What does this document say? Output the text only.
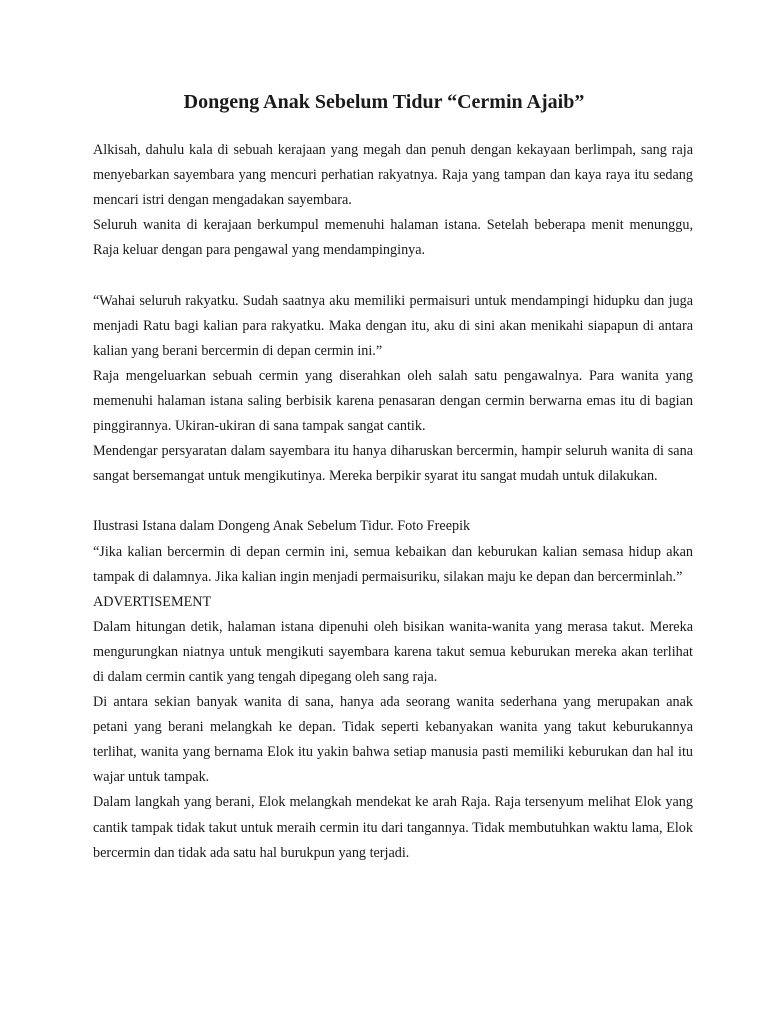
Dongeng Anak Sebelum Tidur “Cermin Ajaib”

Alkisah, dahulu kala di sebuah kerajaan yang megah dan penuh dengan kekayaan berlimpah, sang raja menyebarkan sayembara yang mencuri perhatian rakyatnya. Raja yang tampan dan kaya raya itu sedang mencari istri dengan mengadakan sayembara.

Seluruh wanita di kerajaan berkumpul memenuhi halaman istana. Setelah beberapa menit menunggu, Raja keluar dengan para pengawal yang mendampinginya.

“Wahai seluruh rakyatku. Sudah saatnya aku memiliki permaisuri untuk mendampingi hidupku dan juga menjadi Ratu bagi kalian para rakyatku. Maka dengan itu, aku di sini akan menikahi siapapun di antara kalian yang berani bercermin di depan cermin ini.”

Raja mengeluarkan sebuah cermin yang diserahkan oleh salah satu pengawalnya. Para wanita yang memenuhi halaman istana saling berbisik karena penasaran dengan cermin berwarna emas itu di bagian pinggirannya. Ukiran-ukiran di sana tampak sangat cantik.

Mendengar persyaratan dalam sayembara itu hanya diharuskan bercermin, hampir seluruh wanita di sana sangat bersemangat untuk mengikutinya. Mereka berpikir syarat itu sangat mudah untuk dilakukan.

Ilustrasi Istana dalam Dongeng Anak Sebelum Tidur. Foto Freepik

“Jika kalian bercermin di depan cermin ini, semua kebaikan dan keburukan kalian semasa hidup akan tampak di dalamnya. Jika kalian ingin menjadi permaisuriku, silakan maju ke depan dan bercerminlah.”

ADVERTISEMENT

Dalam hitungan detik, halaman istana dipenuhi oleh bisikan wanita-wanita yang merasa takut. Mereka mengurungkan niatnya untuk mengikuti sayembara karena takut semua keburukan mereka akan terlihat di dalam cermin cantik yang tengah dipegang oleh sang raja.

Di antara sekian banyak wanita di sana, hanya ada seorang wanita sederhana yang merupakan anak petani yang berani melangkah ke depan. Tidak seperti kebanyakan wanita yang takut keburukannya terlihat, wanita yang bernama Elok itu yakin bahwa setiap manusia pasti memiliki keburukan dan hal itu wajar untuk tampak.

Dalam langkah yang berani, Elok melangkah mendekat ke arah Raja. Raja tersenyum melihat Elok yang cantik tampak tidak takut untuk meraih cermin itu dari tangannya. Tidak membutuhkan waktu lama, Elok bercermin dan tidak ada satu hal burukpun yang terjadi.
